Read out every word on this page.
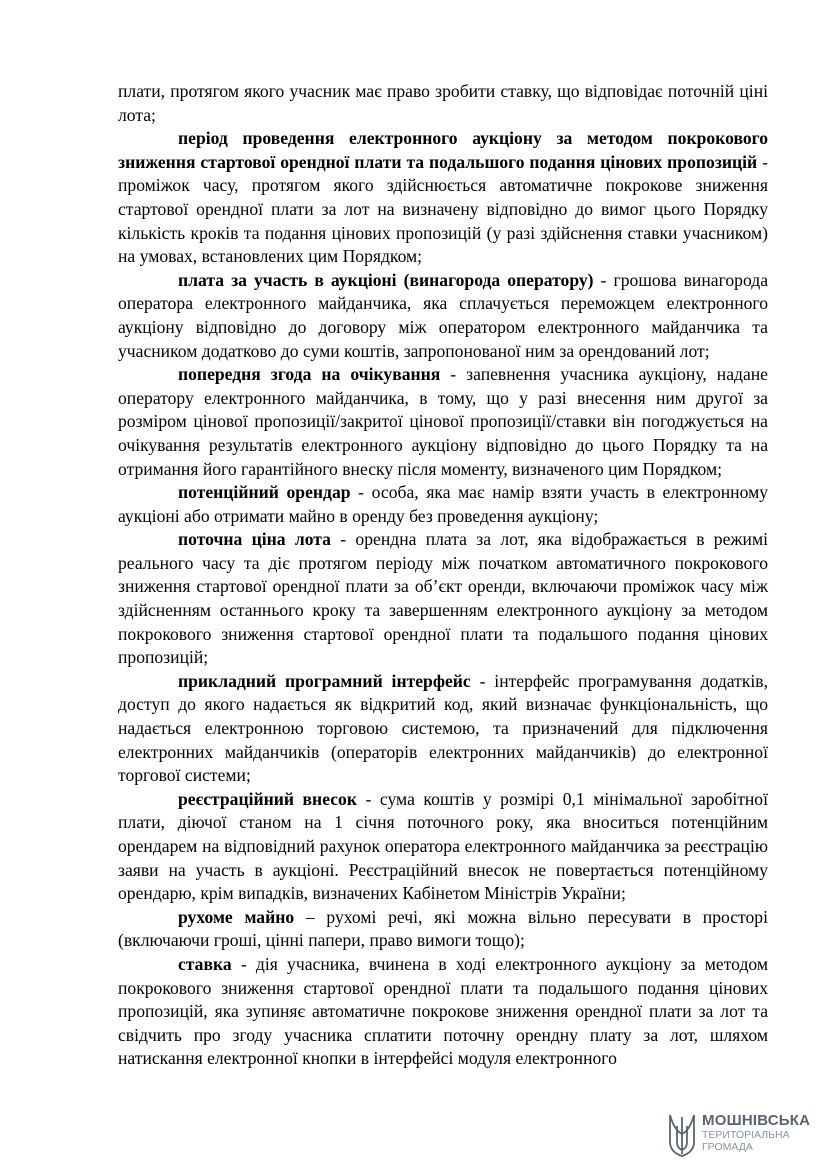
плати, протягом якого учасник має право зробити ставку, що відповідає поточній ціні лота;

період проведення електронного аукціону за методом покрокового зниження стартової орендної плати та подальшого подання цінових пропозицій - проміжок часу, протягом якого здійснюється автоматичне покрокове зниження стартової орендної плати за лот на визначену відповідно до вимог цього Порядку кількість кроків та подання цінових пропозицій (у разі здійснення ставки учасником) на умовах, встановлених цим Порядком;

плата за участь в аукціоні (винагорода оператору) - грошова винагорода оператора електронного майданчика, яка сплачується переможцем електронного аукціону відповідно до договору між оператором електронного майданчика та учасником додатково до суми коштів, запропонованої ним за орендований лот;

попередня згода на очікування - запевнення учасника аукціону, надане оператору електронного майданчика, в тому, що у разі внесення ним другої за розміром цінової пропозиції/закритої цінової пропозиції/ставки він погоджується на очікування результатів електронного аукціону відповідно до цього Порядку та на отримання його гарантійного внеску після моменту, визначеного цим Порядком;

потенційний орендар - особа, яка має намір взяти участь в електронному аукціоні або отримати майно в оренду без проведення аукціону;

поточна ціна лота - орендна плата за лот, яка відображається в режимі реального часу та діє протягом періоду між початком автоматичного покрокового зниження стартової орендної плати за об’єкт оренди, включаючи проміжок часу між здійсненням останнього кроку та завершенням електронного аукціону за методом покрокового зниження стартової орендної плати та подальшого подання цінових пропозицій;

прикладний програмний інтерфейс - інтерфейс програмування додатків, доступ до якого надається як відкритий код, який визначає функціональність, що надається електронною торговою системою, та призначений для підключення електронних майданчиків (операторів електронних майданчиків) до електронної торгової системи;

реєстраційний внесок - сума коштів у розмірі 0,1 мінімальної заробітної плати, діючої станом на 1 січня поточного року, яка вноситься потенційним орендарем на відповідний рахунок оператора електронного майданчика за реєстрацію заяви на участь в аукціоні. Реєстраційний внесок не повертається потенційному орендарю, крім випадків, визначених Кабінетом Міністрів України;

рухоме майно – рухомі речі, які можна вільно пересувати в просторі (включаючи гроші, цінні папери, право вимоги тощо);

ставка - дія учасника, вчинена в ході електронного аукціону за методом покрокового зниження стартової орендної плати та подальшого подання цінових пропозицій, яка зупиняє автоматичне покрокове зниження орендної плати за лот та свідчить про згоду учасника сплатити поточну орендну плату за лот, шляхом натискання електронної кнопки в інтерфейсі модуля електронного

МОШНІВСЬКА
ТЕРИТОРІАЛЬНА
ГРОМАДА
